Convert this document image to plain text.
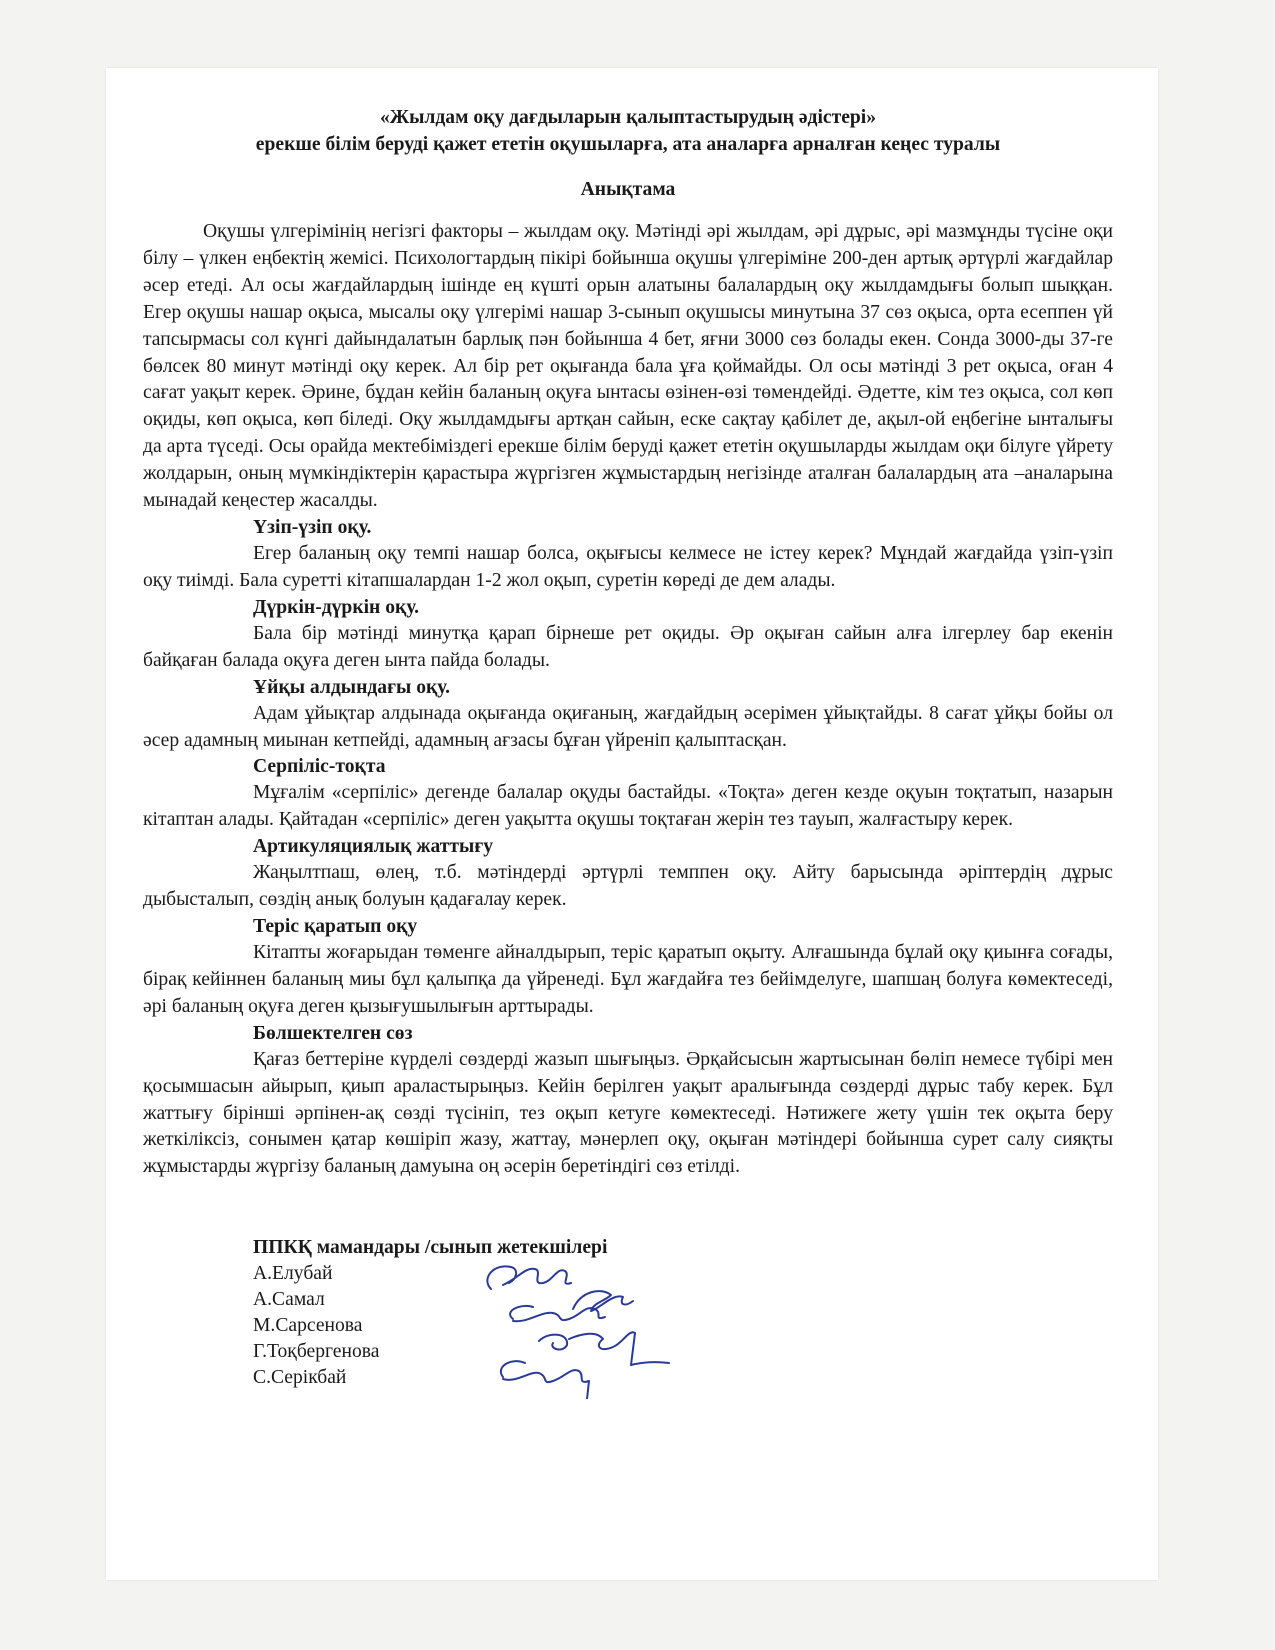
«Жылдам оқу дағдыларын қалыптастырудың әдістері»
ерекше білім беруді қажет ететін оқушыларға, ата аналарға арналған кеңес туралы
Анықтама

Оқушы үлгерімінің негізгі факторы – жылдам оқу. Мәтінді әрі жылдам, әрі дұрыс, әрі мазмұнды түсіне оқи білу – үлкен еңбектің жемісі. Психологтардың пікірі бойынша оқушы үлгеріміне 200-ден артық әртүрлі жағдайлар әсер етеді. Ал осы жағдайлардың ішінде ең күшті орын алатыны балалардың оқу жылдамдығы болып шыққан. Егер оқушы нашар оқыса, мысалы оқу үлгерімі нашар 3-сынып оқушысы минутына 37 сөз оқыса, орта есеппен үй тапсырмасы сол күнгі дайындалатын барлық пән бойынша 4 бет, яғни 3000 сөз болады екен. Сонда 3000-ды 37-ге бөлсек 80 минут мәтінді оқу керек. Ал бір рет оқығанда бала ұға қоймайды. Ол осы мәтінді 3 рет оқыса, оған 4 сағат уақыт керек. Әрине, бұдан кейін баланың оқуға ынтасы өзінен-өзі төмендейді. Әдетте, кім тез оқыса, сол көп оқиды, көп оқыса, көп біледі. Оқу жылдамдығы артқан сайын, еске сақтау қабілет де, ақыл-ой еңбегіне ынталығы да арта түседі. Осы орайда мектебіміздегі ерекше білім беруді қажет ететін оқушыларды жылдам оқи білуге үйрету жолдарын, оның мүмкіндіктерін қарастыра жүргізген жұмыстардың негізінде аталған балалардың ата –аналарына мынадай кеңестер жасалды.

Үзіп-үзіп оқу.

Егер баланың оқу темпі нашар болса, оқығысы келмесе не істеу керек? Мұндай жағдайда үзіп-үзіп оқу тиімді. Бала суретті кітапшалардан 1-2 жол оқып, суретін көреді де дем алады.

Дүркін-дүркін оқу.

Бала бір мәтінді минутқа қарап бірнеше рет оқиды. Әр оқыған сайын алға ілгерлеу бар екенін байқаған балада оқуға деген ынта пайда болады.

Ұйқы алдындағы оқу.

Адам ұйықтар алдынада оқығанда оқиғаның, жағдайдың әсерімен ұйықтайды. 8 сағат ұйқы бойы ол әсер адамның миынан кетпейді, адамның ағзасы бұған үйреніп қалыптасқан.

Серпіліс-тоқта

Мұғалім «серпіліс» дегенде балалар оқуды бастайды. «Тоқта» деген кезде оқуын тоқтатып, назарын кітаптан алады. Қайтадан «серпіліс» деген уақытта оқушы тоқтаған жерін тез тауып, жалғастыру керек.

Артикуляциялық жаттығу

Жаңылтпаш, өлең, т.б. мәтіндерді әртүрлі темппен оқу. Айту барысында әріптердің дұрыс дыбысталып, сөздің анық болуын қадағалау керек.

Теріс қаратып оқу

Кітапты жоғарыдан төменге айналдырып, теріс қаратып оқыту. Алғашында бұлай оқу қиынға соғады, бірақ кейіннен баланың миы бұл қалыпқа да үйренеді. Бұл жағдайға тез бейімделуге, шапшаң болуға көмектеседі, әрі баланың оқуға деген қызығушылығын арттырады.

Бөлшектелген сөз

Қағаз беттеріне күрделі сөздерді жазып шығыңыз. Әрқайсысын жартысынан бөліп немесе түбірі мен қосымшасын айырып, қиып араластырыңыз. Кейін берілген уақыт аралығында сөздерді дұрыс табу керек. Бұл жаттығу бірінші әрпінен-ақ сөзді түсініп, тез оқып кетуге көмектеседі. Нәтижеге жету үшін тек оқыта беру жеткіліксіз, сонымен қатар көшіріп жазу, жаттау, мәнерлеп оқу, оқыған мәтіндері бойынша сурет салу сияқты жұмыстарды жүргізу баланың дамуына оң әсерін беретіндігі сөз етілді.

ППКҚ мамандары /сынып жетекшілері
А.Елубай
А.Самал
М.Сарсенова
Г.Тоқбергенова
С.Серікбай
